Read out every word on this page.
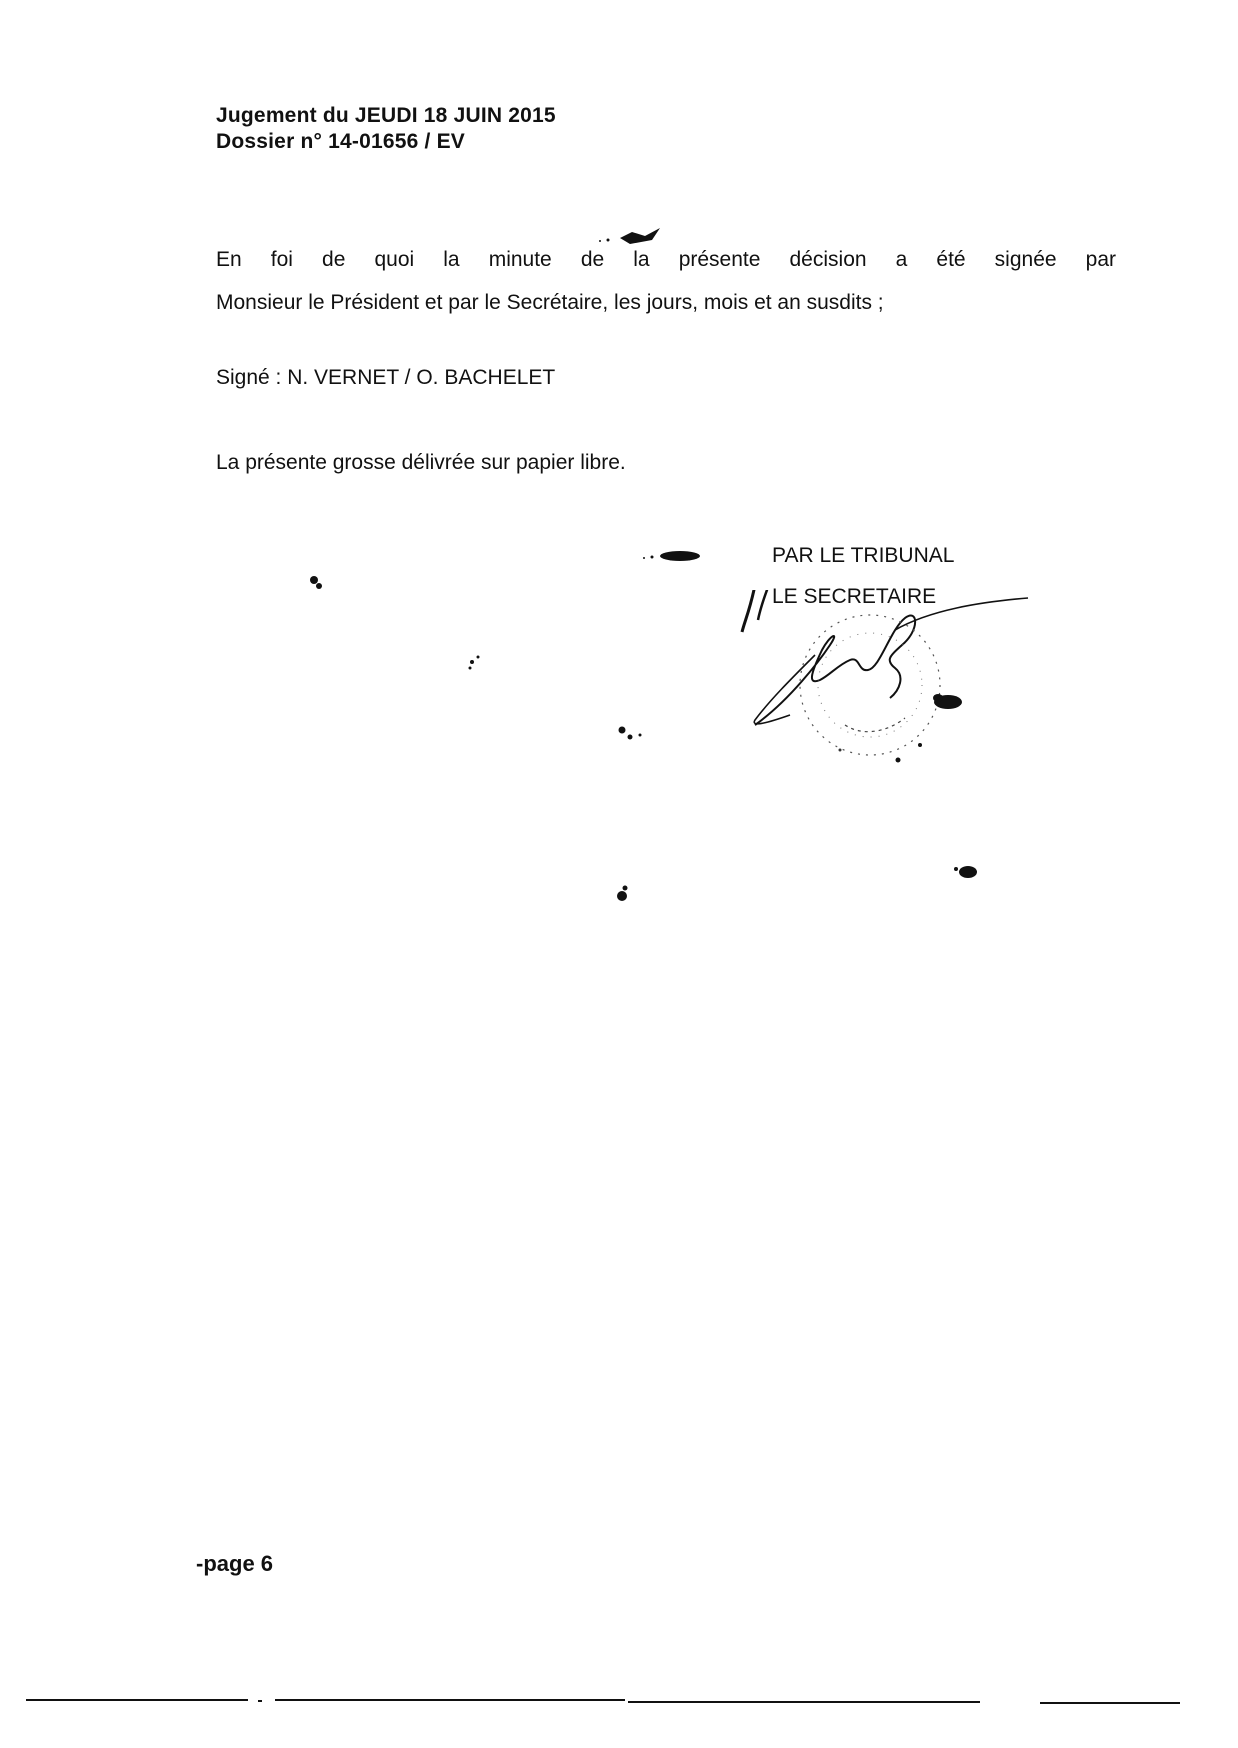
Jugement du JEUDI 18 JUIN 2015
Dossier n° 14-01656 / EV
En foi de quoi la minute de la présente décision a été signée par
Monsieur le Président et par le Secrétaire, les jours, mois et an susdits ;
Signé : N. VERNET / O. BACHELET
La présente grosse délivrée sur papier libre.
PAR LE TRIBUNAL
LE SECRETAIRE
-page 6
